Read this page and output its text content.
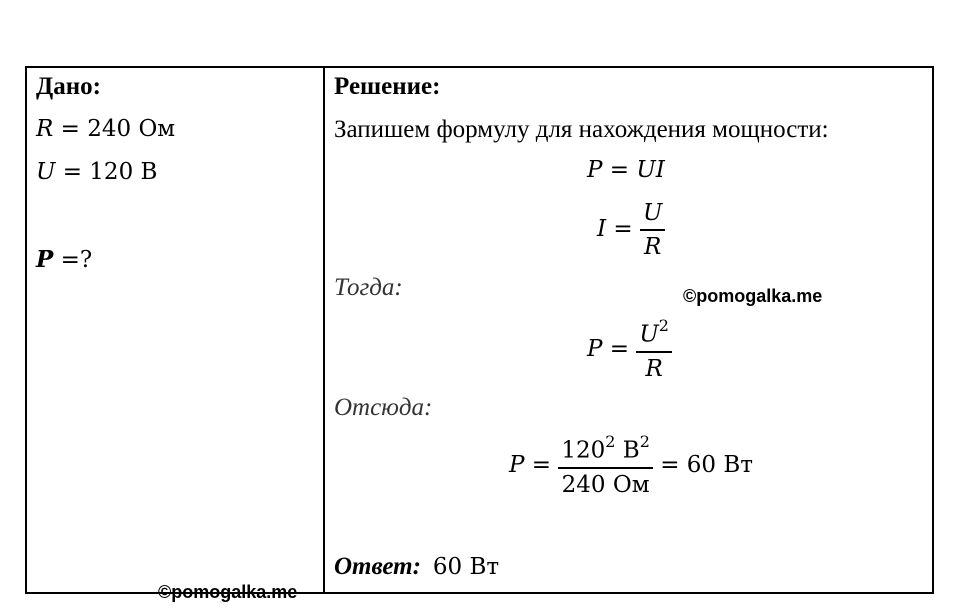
Дано:
R = 240 Ом
U = 120 В
P =?
Решение:
Запишем формулу для нахождения мощности:
P = UI
$I = \frac{U}{R}$
Тогда:	©pomogalka.me
$P = \frac{U^2}{R}$
Отсюда:
$P = \frac{120^2 В^2}{240 Ом} = 60$ Вт
Ответ: 60 Вт
©pomogalka.me
